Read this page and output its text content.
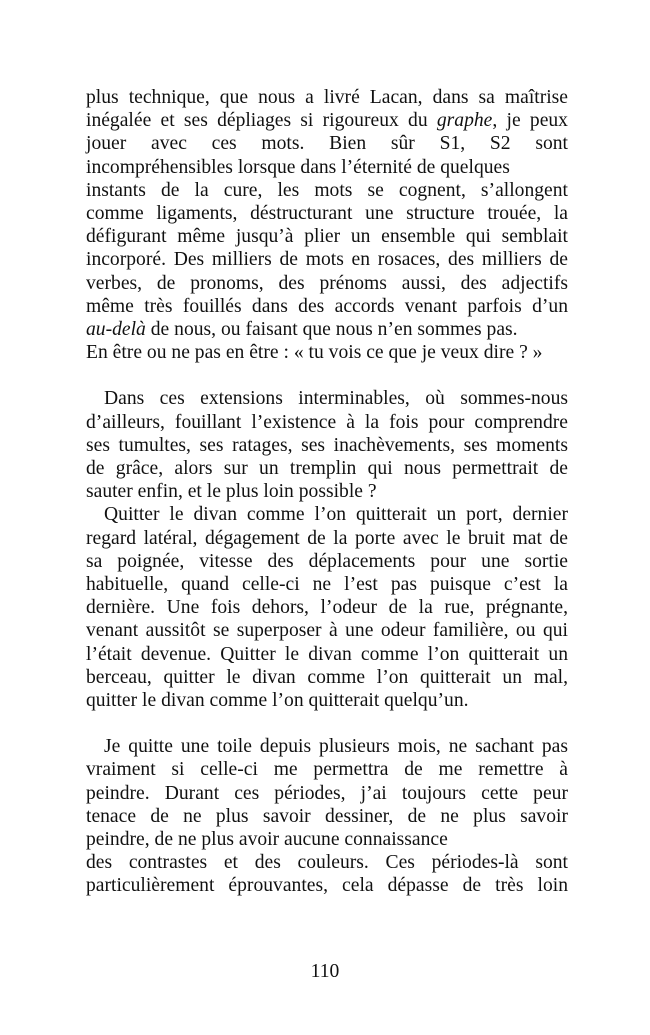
plus technique, que nous a livré Lacan, dans sa maîtrise
inégalée et ses dépliages si rigoureux du graphe, je peux
jouer avec ces mots. Bien sûr S1, S2 sont
incompréhensibles lorsque dans l’éternité de quelques
instants de la cure, les mots se cognent, s’allongent
comme ligaments, déstructurant une structure trouée, la
défigurant même jusqu’à plier un ensemble qui semblait
incorporé. Des milliers de mots en rosaces, des milliers de
verbes, de pronoms, des prénoms aussi, des adjectifs
même très fouillés dans des accords venant parfois d’un
au-delà de nous, ou faisant que nous n’en sommes pas.
En être ou ne pas en être : « tu vois ce que je veux dire ? »
Dans ces extensions interminables, où sommes-nous
d’ailleurs, fouillant l’existence à la fois pour comprendre
ses tumultes, ses ratages, ses inachèvements, ses moments
de grâce, alors sur un tremplin qui nous permettrait de
sauter enfin, et le plus loin possible ?
Quitter le divan comme l’on quitterait un port, dernier
regard latéral, dégagement de la porte avec le bruit mat de
sa poignée, vitesse des déplacements pour une sortie
habituelle, quand celle-ci ne l’est pas puisque c’est la
dernière. Une fois dehors, l’odeur de la rue, prégnante,
venant aussitôt se superposer à une odeur familière, ou qui
l’était devenue. Quitter le divan comme l’on quitterait un
berceau, quitter le divan comme l’on quitterait un mal,
quitter le divan comme l’on quitterait quelqu’un.
Je quitte une toile depuis plusieurs mois, ne sachant pas
vraiment si celle-ci me permettra de me remettre à
peindre. Durant ces périodes, j’ai toujours cette peur
tenace de ne plus savoir dessiner, de ne plus savoir
peindre, de ne plus avoir aucune connaissance
des contrastes et des couleurs. Ces périodes-là sont
particulièrement éprouvantes, cela dépasse de très loin
110
